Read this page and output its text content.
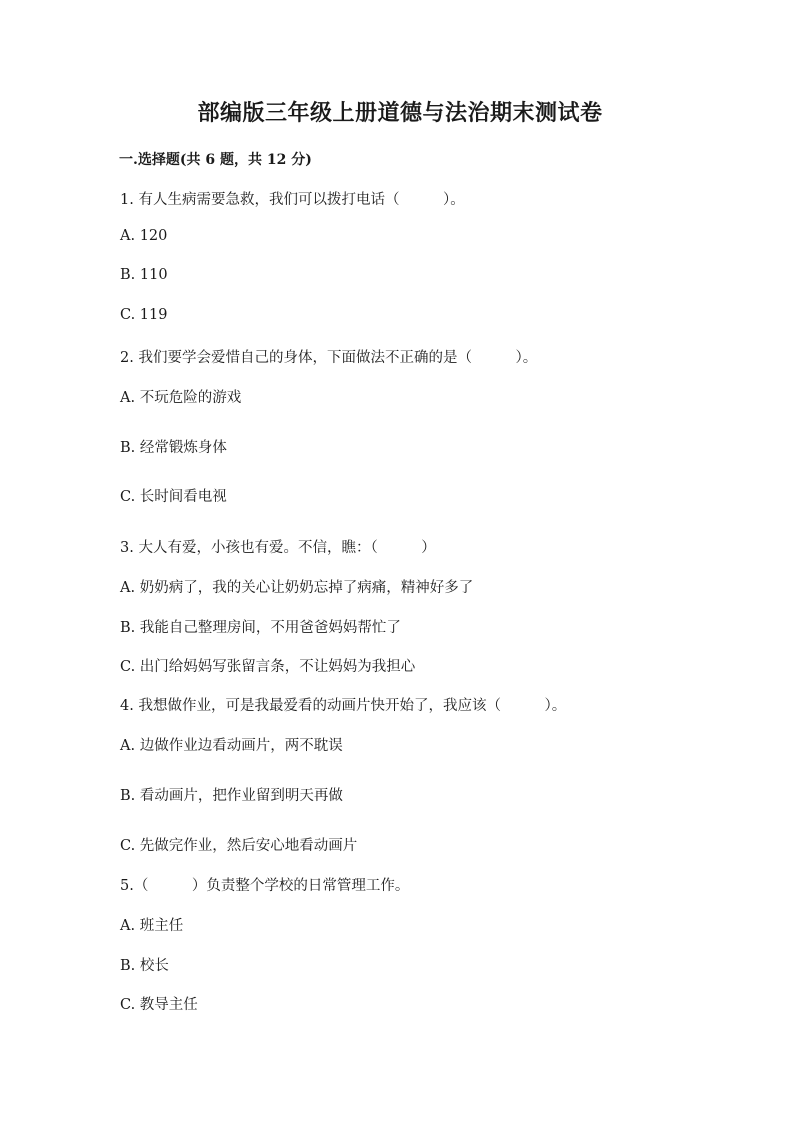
部编版三年级上册道德与法治期末测试卷
一.选择题(共 6 题，共 12 分)
1. 有人生病需要急救，我们可以拨打电话（　　　）。
A. 120
B. 110
C. 119
2. 我们要学会爱惜自己的身体，下面做法不正确的是（　　　）。
A. 不玩危险的游戏
B. 经常锻炼身体
C. 长时间看电视
3. 大人有爱，小孩也有爱。不信，瞧：（　　　）
A. 奶奶病了，我的关心让奶奶忘掉了病痛，精神好多了
B. 我能自己整理房间，不用爸爸妈妈帮忙了
C. 出门给妈妈写张留言条，不让妈妈为我担心
4. 我想做作业，可是我最爱看的动画片快开始了，我应该（　　　）。
A. 边做作业边看动画片，两不耽误
B. 看动画片，把作业留到明天再做
C. 先做完作业，然后安心地看动画片
5.（　　　）负责整个学校的日常管理工作。
A. 班主任
B. 校长
C. 教导主任
